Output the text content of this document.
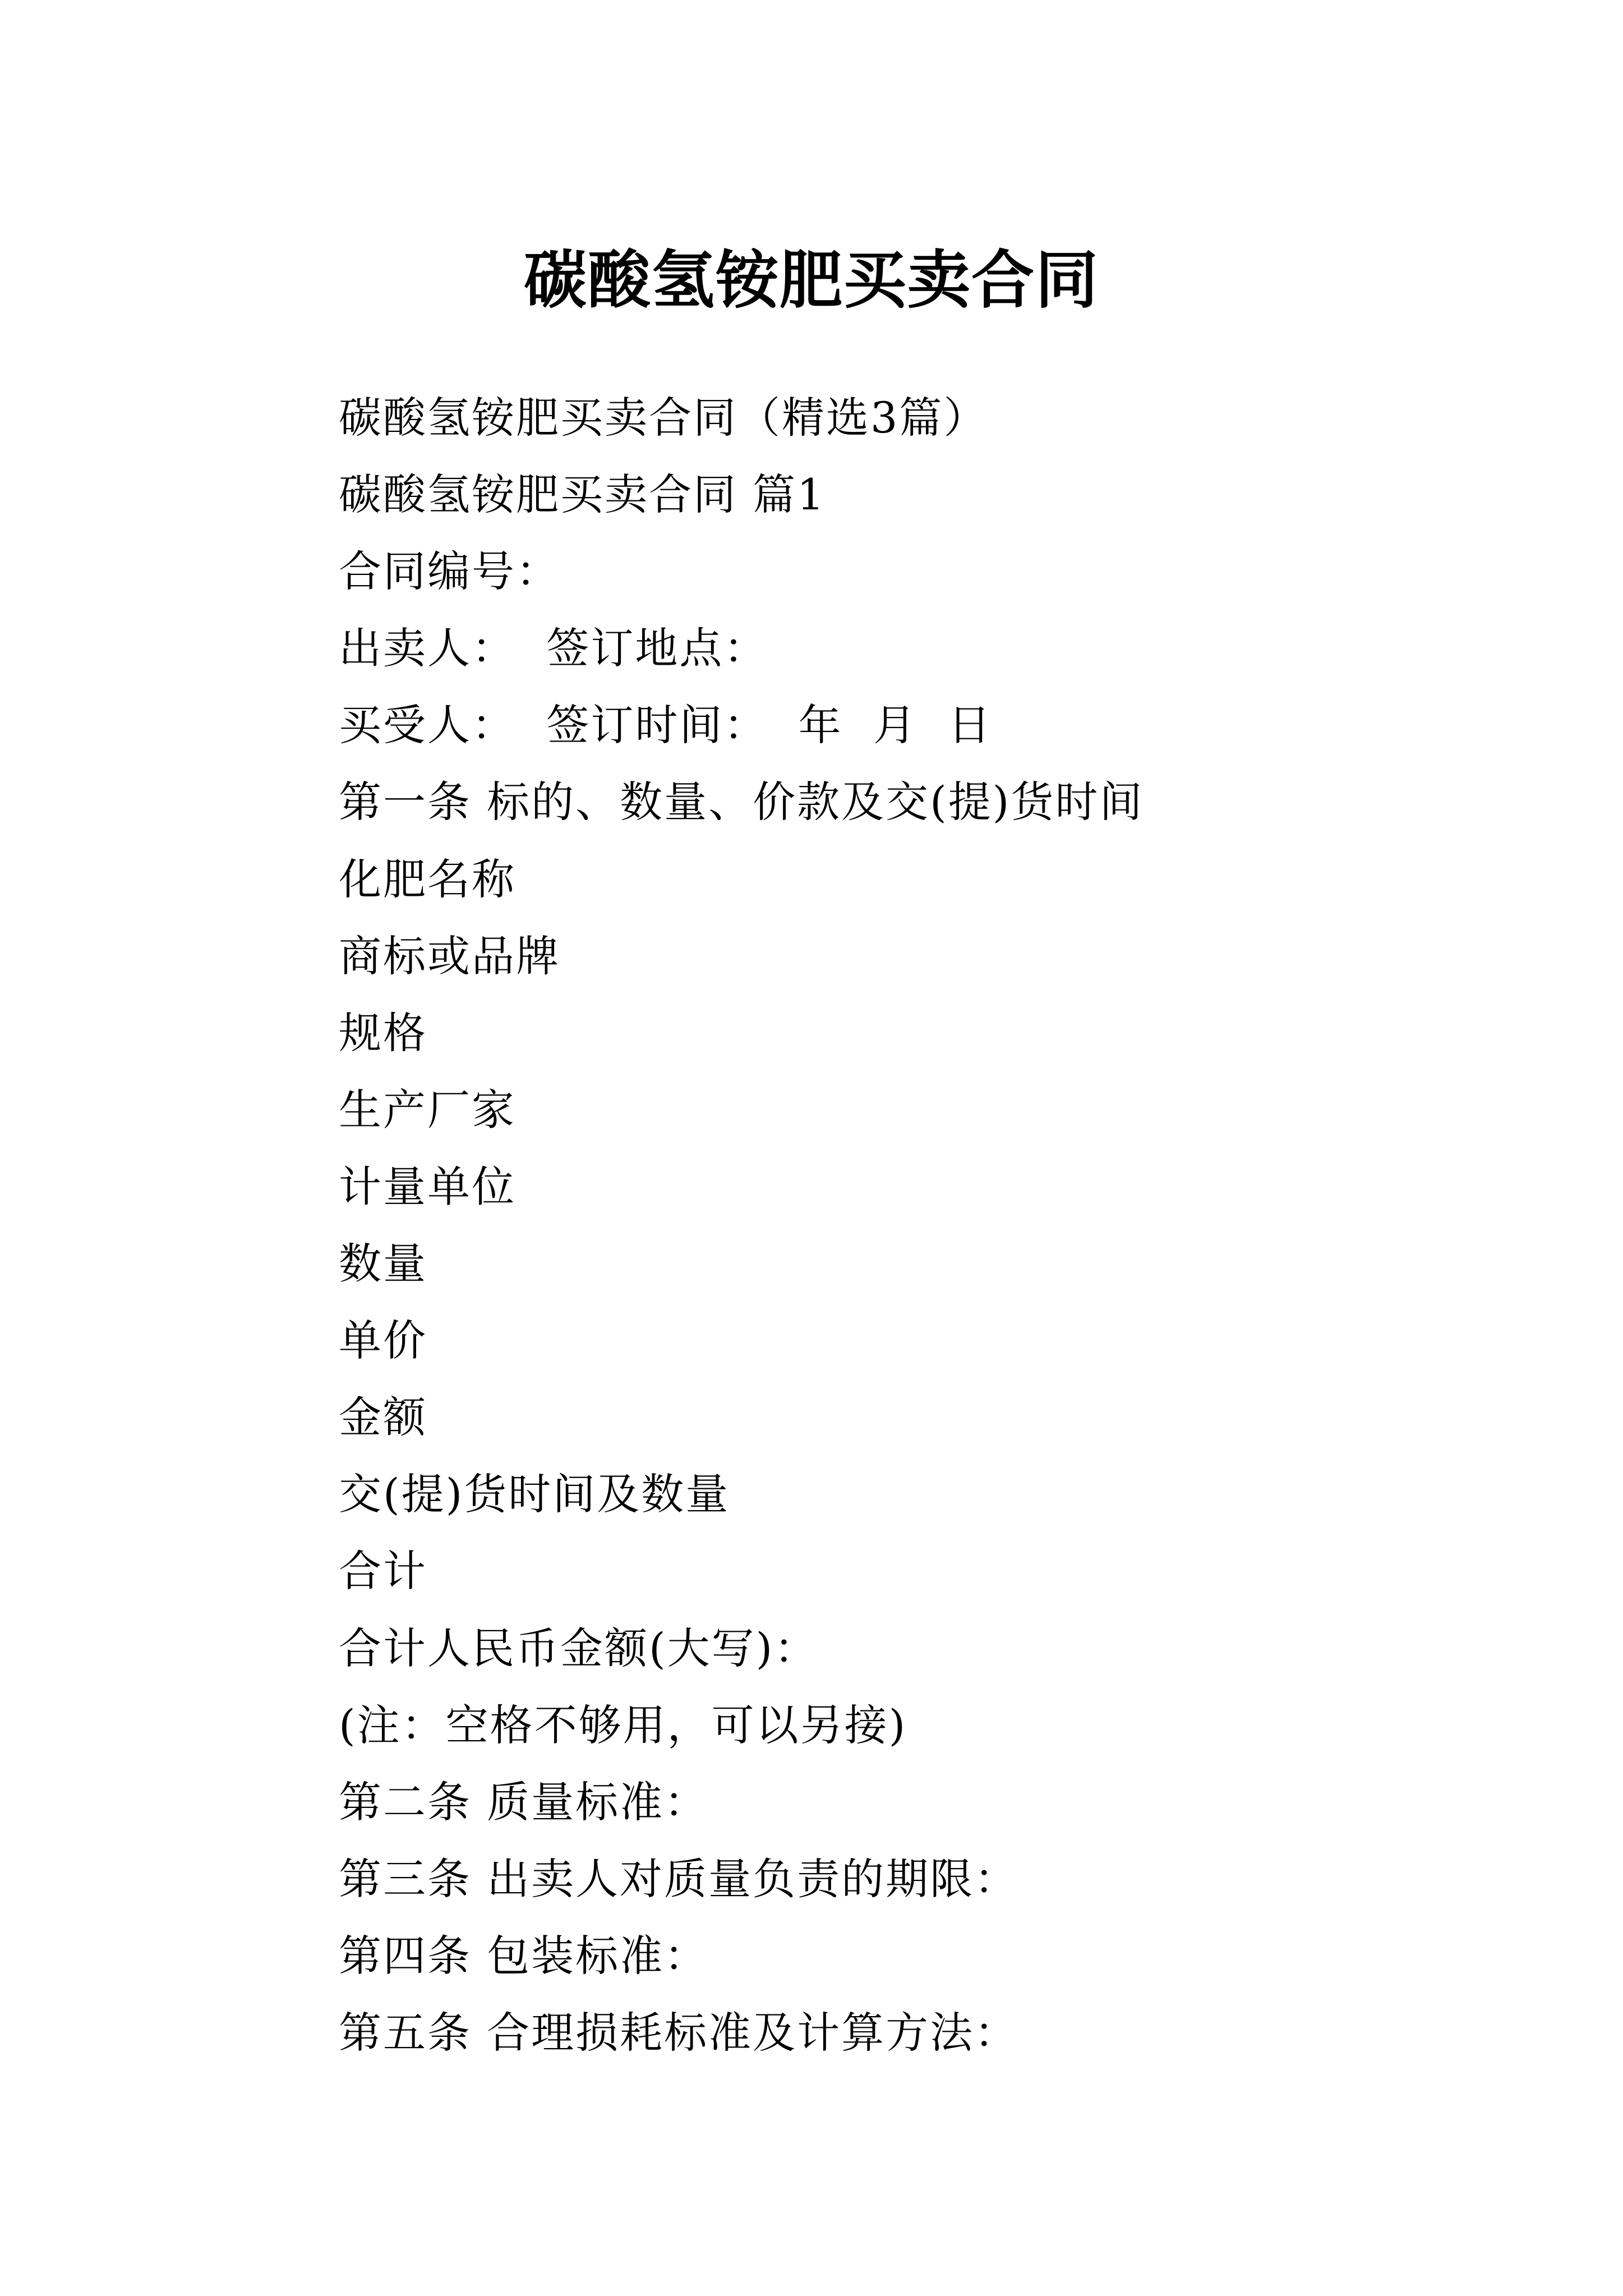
碳酸氢铵肥买卖合同
碳酸氢铵肥买卖合同（精选3篇）
碳酸氢铵肥买卖合同 篇1
合同编号：
出卖人：  签订地点：
买受人：  签订时间：  年  月  日
第一条 标的、数量、价款及交(提)货时间
化肥名称
商标或品牌
规格
生产厂家
计量单位
数量
单价
金额
交(提)货时间及数量
合计
合计人民币金额(大写)：
(注：空格不够用，可以另接)
第二条 质量标准：
第三条 出卖人对质量负责的期限：
第四条 包装标准：
第五条 合理损耗标准及计算方法：
